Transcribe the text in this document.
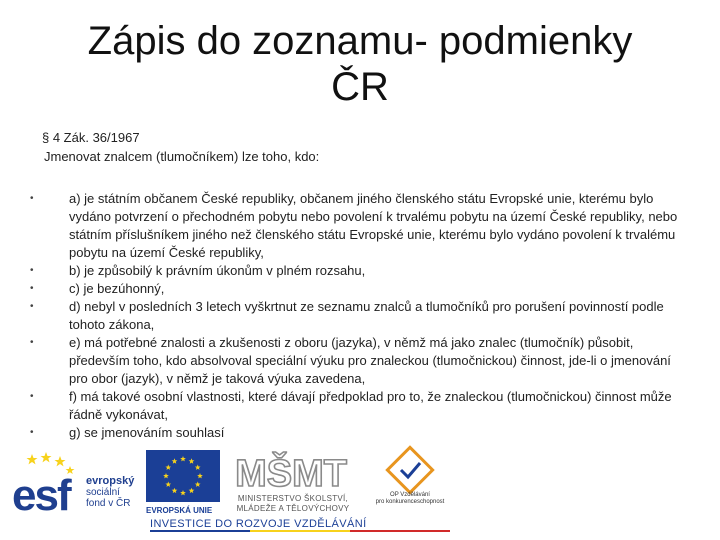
Zápis do zoznamu- podmienky
ČR
§ 4 Zák. 36/1967
Jmenovat znalcem (tlumočníkem) lze toho, kdo:
• a) je státním občanem České republiky, občanem jiného členského státu Evropské unie, kterému bylo vydáno potvrzení o přechodném pobytu nebo povolení k trvalému pobytu na území České republiky, nebo státním příslušníkem jiného než členského státu Evropské unie, kterému bylo vydáno povolení k trvalému pobytu na území České republiky,
• b) je způsobilý k právním úkonům v plném rozsahu,
• c) je bezúhonný,
• d) nebyl v posledních 3 letech vyškrtnut ze seznamu znalců a tlumočníků pro porušení povinností podle tohoto zákona,
• e) má potřebné znalosti a zkušenosti z oboru (jazyka), v němž má jako znalec (tlumočník) působit, především toho, kdo absolvoval speciální výuku pro znaleckou (tlumočnickou) činnost, jde-li o jmenování pro obor (jazyk), v němž je taková výuka zavedena,
• f) má takové osobní vlastnosti, které dávají předpoklad pro to, že znaleckou (tlumočnickou) činnost může řádně vykonávat,
• g) se jmenováním souhlasí
esf evropský
sociální
fond v ČR
EVROPSKÁ UNIE
MŠMT
MINISTERSTVO ŠKOLSTVÍ,
MLÁDEŽE A TĚLOVÝCHOVY
OP Vzdělávání
pro konkurenceschopnost
INVESTICE DO ROZVOJE VZDĚLÁVÁNÍ
